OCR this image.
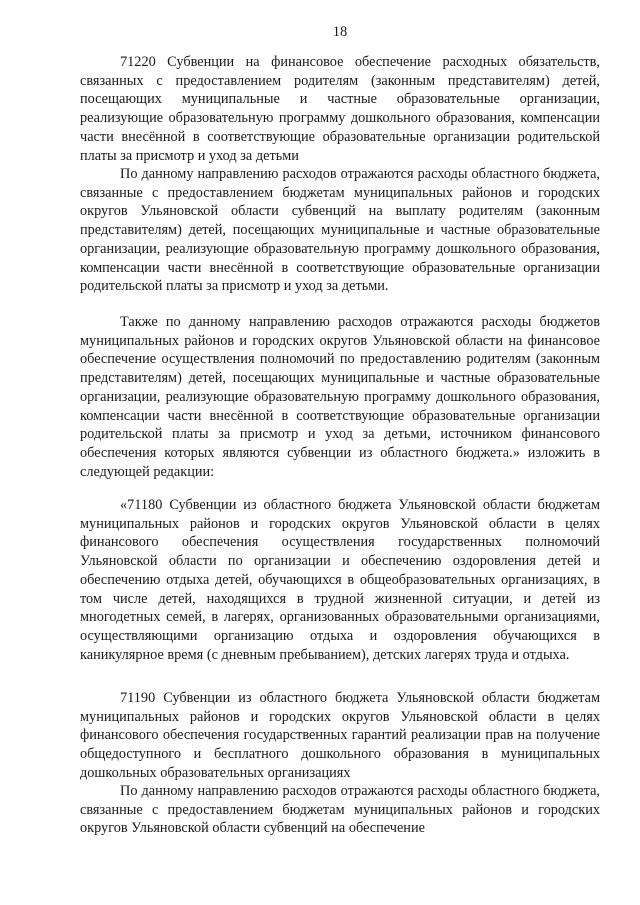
18

71220 Субвенции на финансовое обеспечение расходных обязательств, связанных с предоставлением родителям (законным представителям) детей, посещающих муниципальные и частные образовательные организации, реализующие образовательную программу дошкольного образования, компенсации части внесённой в соответствующие образовательные организации родительской платы за присмотр и уход за детьми

По данному направлению расходов отражаются расходы областного бюджета, связанные с предоставлением бюджетам муниципальных районов и городских округов Ульяновской области субвенций на выплату родителям (законным представителям) детей, посещающих муниципальные и частные образовательные организации, реализующие образовательную программу дошкольного образования, компенсации части внесённой в соответствующие образовательные организации родительской платы за присмотр и уход за детьми.

Также по данному направлению расходов отражаются расходы бюджетов муниципальных районов и городских округов Ульяновской области на финансовое обеспечение осуществления полномочий по предоставлению родителям (законным представителям) детей, посещающих муниципальные и частные образовательные организации, реализующие образовательную программу дошкольного образования, компенсации части внесённой в соответствующие образовательные организации родительской платы за присмотр и уход за детьми, источником финансового обеспечения которых являются субвенции из областного бюджета.» изложить в следующей редакции:

«71180 Субвенции из областного бюджета Ульяновской области бюджетам муниципальных районов и городских округов Ульяновской области в целях финансового обеспечения осуществления государственных полномочий Ульяновской области по организации и обеспечению оздоровления детей и обеспечению отдыха детей, обучающихся в общеобразовательных организациях, в том числе детей, находящихся в трудной жизненной ситуации, и детей из многодетных семей, в лагерях, организованных образовательными организациями, осуществляющими организацию отдыха и оздоровления обучающихся в каникулярное время (с дневным пребыванием), детских лагерях труда и отдыха.

71190 Субвенции из областного бюджета Ульяновской области бюджетам муниципальных районов и городских округов Ульяновской области в целях финансового обеспечения государственных гарантий реализации прав на получение общедоступного и бесплатного дошкольного образования в муниципальных дошкольных образовательных организациях

По данному направлению расходов отражаются расходы областного бюджета, связанные с предоставлением бюджетам муниципальных районов и городских округов Ульяновской области субвенций на обеспечение
